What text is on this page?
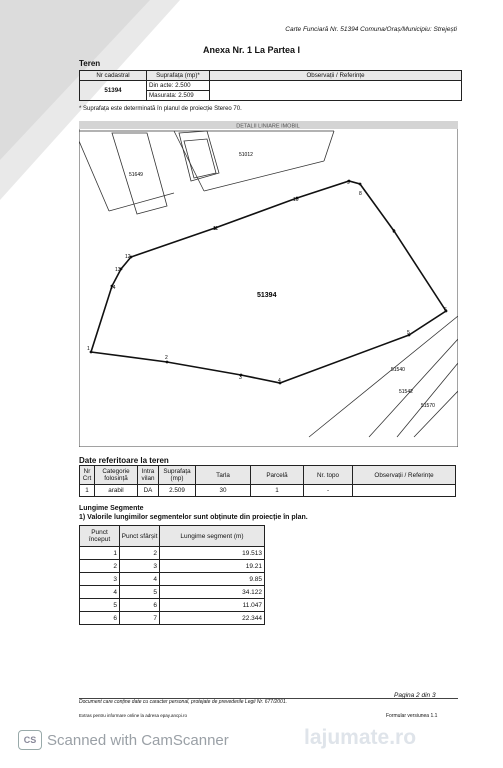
Carte Funciară Nr. 51394 Comuna/Oraș/Municipiu: Strejești
Anexa Nr. 1 La Partea I
Teren
Nr cadastral	Suprafața (mp)*	Observații / Referințe
51394	Din acte: 2.500	
	Masurata: 2.509	
* Suprafața este determinată în planul de proiecție Stereo 70.
DETALII LINIARE IMOBIL
51012
51649
51540
51542
51570
1
2
3	4
5
6
7
8
9
10
11
12
13
14
51394
Date referitoare la teren
Nr Crt	Categorie folosință	Intra vilan	Suprafața (mp)	Tarla	Parcelă	Nr. topo	Observații / Referințe
1	arabil	DA	2.509	30	1	-	
Lungime Segmente
1) Valorile lungimilor segmentelor sunt obținute din proiecție în plan.
Punct început	Punct sfârșit	Lungime segment (m)
1	2	19.513
2	3	19.21
3	4	9.85
4	5	34.122
5	6	11.047
6	7	22.344
Document care conține date cu caracter personal, protejate de prevederile Legii Nr. 677/2001.
Pagina 2 din 3
Extras pentru informare online la adresa epay.ancpi.ro	Formular versiunea 1.1
CS Scanned with CamScanner	lajumate.ro
